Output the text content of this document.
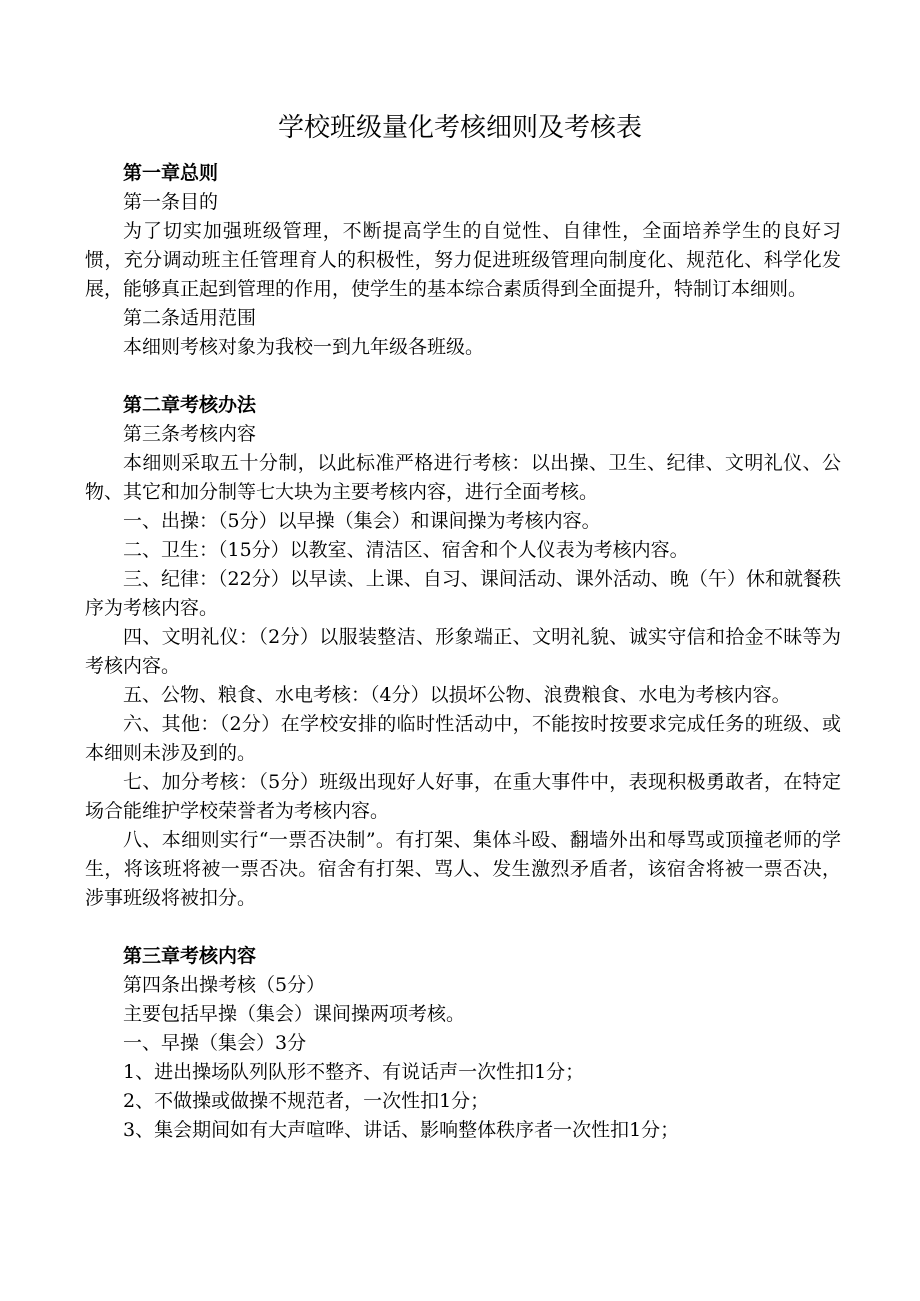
学校班级量化考核细则及考核表
第一章总则

第一条目的

为了切实加强班级管理，不断提高学生的自觉性、自律性，全面培养学生的良好习惯，充分调动班主任管理育人的积极性，努力促进班级管理向制度化、规范化、科学化发展，能够真正起到管理的作用，使学生的基本综合素质得到全面提升，特制订本细则。

第二条适用范围

本细则考核对象为我校一到九年级各班级。

第二章考核办法

第三条考核内容

本细则采取五十分制，以此标准严格进行考核：以出操、卫生、纪律、文明礼仪、公物、其它和加分制等七大块为主要考核内容，进行全面考核。

一、出操：（5分）以早操（集会）和课间操为考核内容。

二、卫生：（15分）以教室、清洁区、宿舍和个人仪表为考核内容。

三、纪律：（22分）以早读、上课、自习、课间活动、课外活动、晚（午）休和就餐秩序为考核内容。

四、文明礼仪：（2分）以服装整洁、形象端正、文明礼貌、诚实守信和拾金不昧等为考核内容。

五、公物、粮食、水电考核：（4分）以损坏公物、浪费粮食、水电为考核内容。

六、其他：（2分）在学校安排的临时性活动中，不能按时按要求完成任务的班级、或本细则未涉及到的。

七、加分考核：（5分）班级出现好人好事，在重大事件中，表现积极勇敢者，在特定场合能维护学校荣誉者为考核内容。

八、本细则实行“一票否决制”。有打架、集体斗殴、翻墙外出和辱骂或顶撞老师的学生，将该班将被一票否决。宿舍有打架、骂人、发生激烈矛盾者，该宿舍将被一票否决，涉事班级将被扣分。

第三章考核内容

第四条出操考核（5分）

主要包括早操（集会）课间操两项考核。

一、早操（集会）3分

1、进出操场队列队形不整齐、有说话声一次性扣1分；

2、不做操或做操不规范者，一次性扣1分；

3、集会期间如有大声喧哗、讲话、影响整体秩序者一次性扣1分；
